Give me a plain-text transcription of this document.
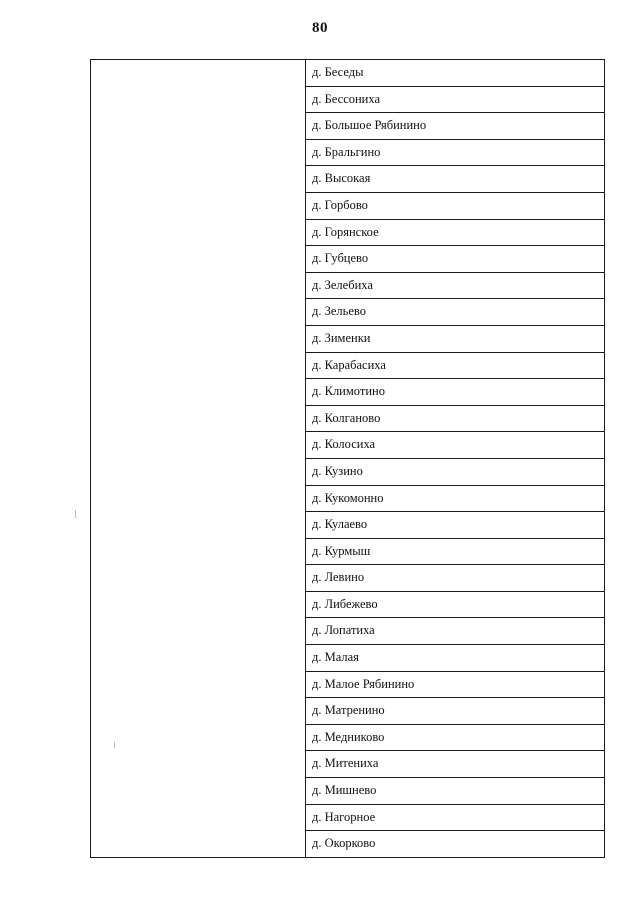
80
	д. Беседы
д. Бессониха
д. Большое Рябинино
д. Бральгино
д. Высокая
д. Горбово
д. Горянское
д. Губцево
д. Зелебиха
д. Зельево
д. Зименки
д. Карабасиха
д. Климотино
д. Колганово
д. Колосиха
д. Кузино
д. Кукомонно
д. Кулаево
д. Курмыш
д. Левино
д. Либежево
д. Лопатиха
д. Малая
д. Малое Рябинино
д. Матренино
д. Медниково
д. Митениха
д. Мишнево
д. Нагорное
д. Окорково
